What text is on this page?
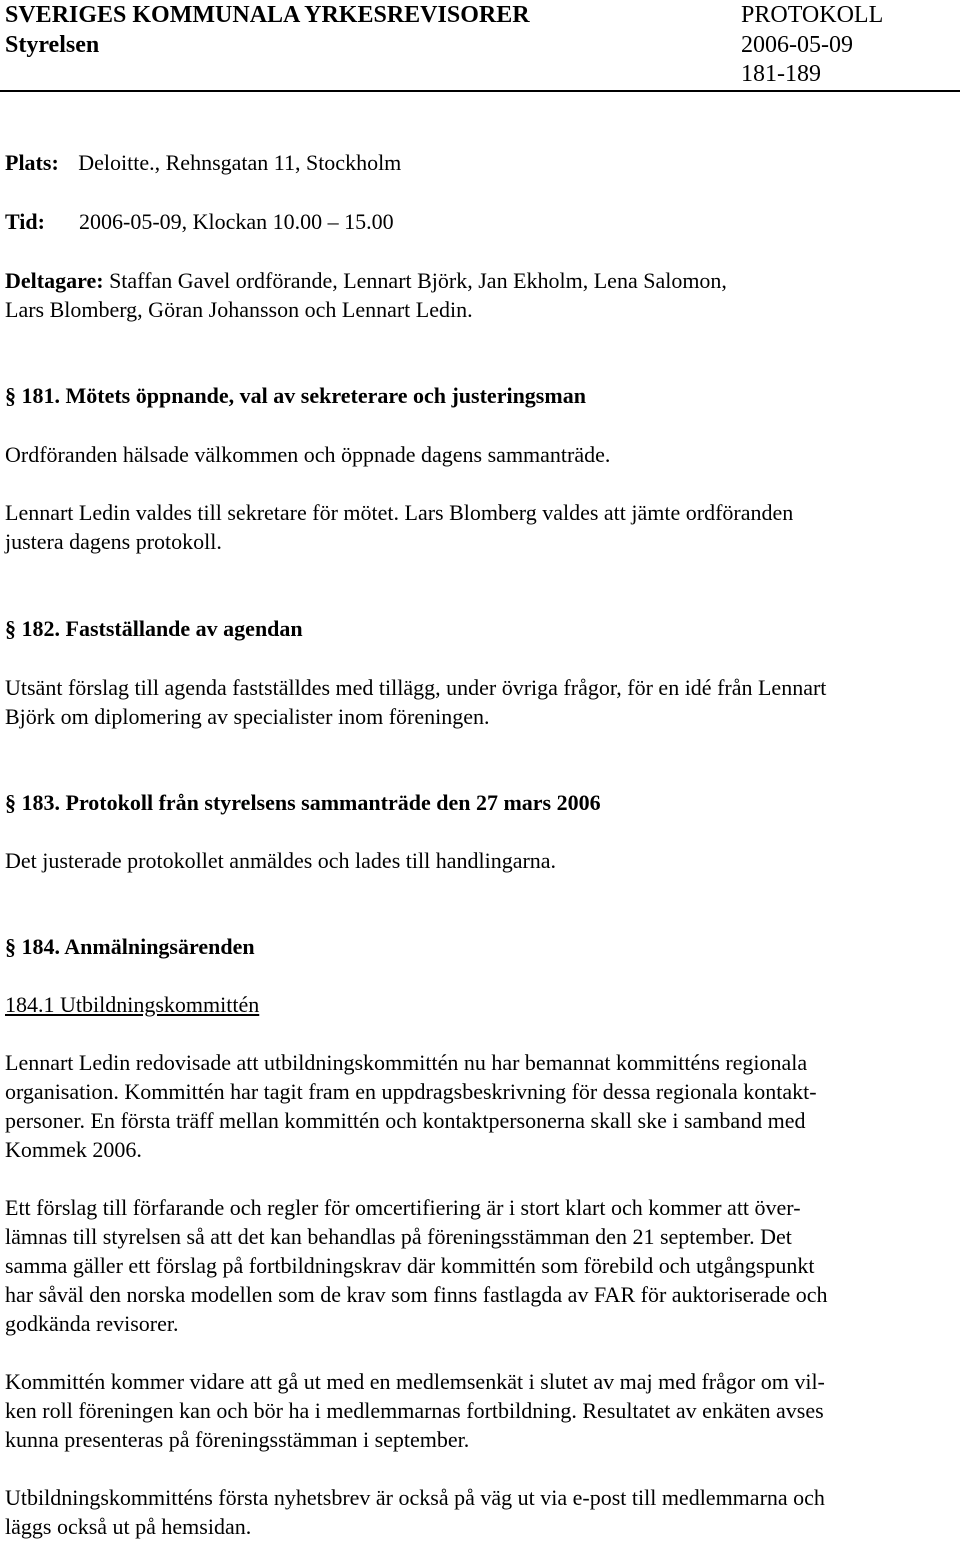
SVERIGES KOMMUNALA YRKESREVISORER	PROTOKOLL
Styrelsen	2006-05-09
181-189
Plats: Deloitte., Rehnsgatan 11, Stockholm
Tid: 2006-05-09, Klockan 10.00 – 15.00
Deltagare: Staffan Gavel ordförande, Lennart Björk, Jan Ekholm, Lena Salomon,
Lars Blomberg, Göran Johansson och Lennart Ledin.
§ 181. Mötets öppnande, val av sekreterare och justeringsman
Ordföranden hälsade välkommen och öppnade dagens sammanträde.
Lennart Ledin valdes till sekretare för mötet. Lars Blomberg valdes att jämte ordföranden
justera dagens protokoll.
§ 182. Fastställande av agendan
Utsänt förslag till agenda fastställdes med tillägg, under övriga frågor, för en idé från Lennart
Björk om diplomering av specialister inom föreningen.
§ 183. Protokoll från styrelsens sammanträde den 27 mars 2006
Det justerade protokollet anmäldes och lades till handlingarna.
§ 184. Anmälningsärenden
184.1 Utbildningskommittén
Lennart Ledin redovisade att utbildningskommittén nu har bemannat kommitténs regionala
organisation. Kommittén har tagit fram en uppdragsbeskrivning för dessa regionala kontakt-
personer. En första träff mellan kommittén och kontaktpersonerna skall ske i samband med
Kommek 2006.
Ett förslag till förfarande och regler för omcertifiering är i stort klart och kommer att över-
lämnas till styrelsen så att det kan behandlas på föreningsstämman den 21 september. Det
samma gäller ett förslag på fortbildningskrav där kommittén som förebild och utgångspunkt
har såväl den norska modellen som de krav som finns fastlagda av FAR för auktoriserade och
godkända revisorer.
Kommittén kommer vidare att gå ut med en medlemsenkät i slutet av maj med frågor om vil-
ken roll föreningen kan och bör ha i medlemmarnas fortbildning. Resultatet av enkäten avses
kunna presenteras på föreningsstämman i september.
Utbildningskommitténs första nyhetsbrev är också på väg ut via e-post till medlemmarna och
läggs också ut på hemsidan.
